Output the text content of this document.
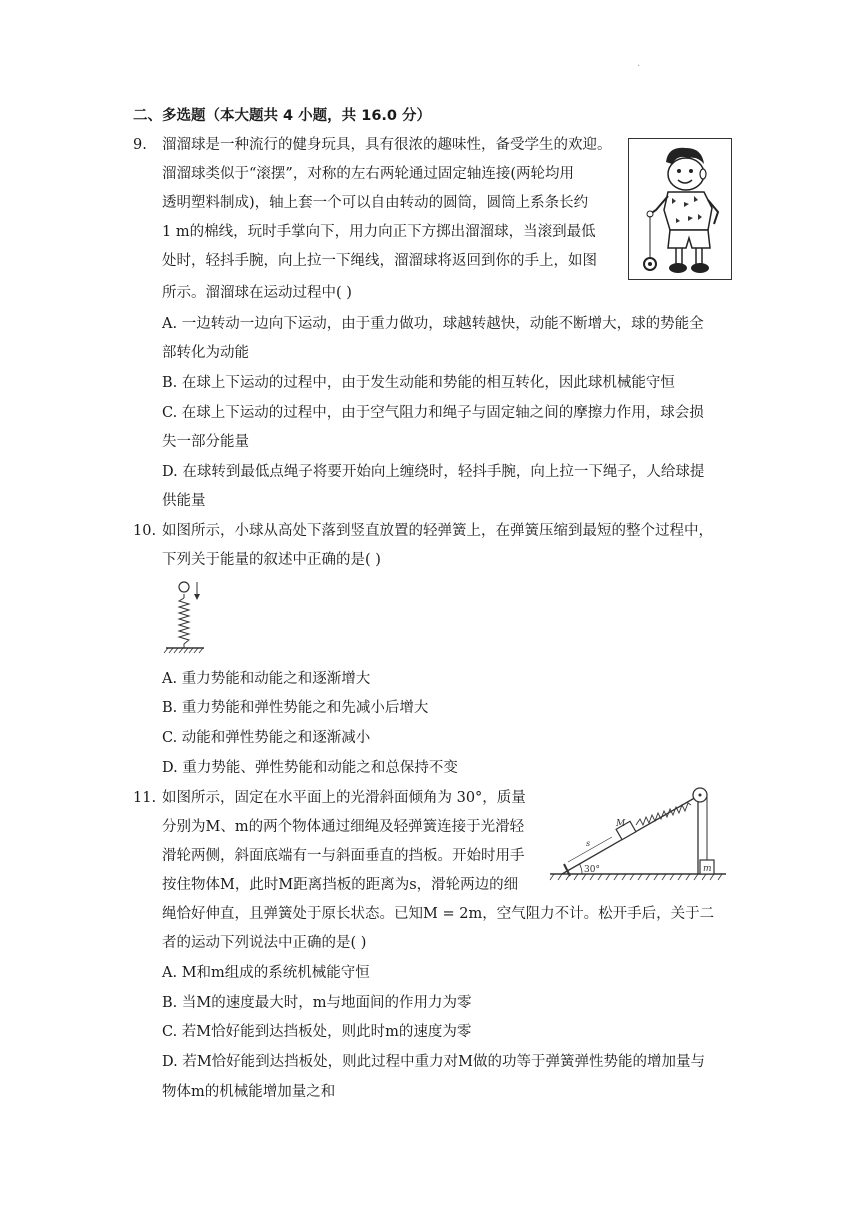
.
二、多选题（本大题共 4 小题，共 16.0 分）
9. 溜溜球是一种流行的健身玩具，具有很浓的趣味性，备受学生的欢迎。
溜溜球类似于“滚摆”，对称的左右两轮通过固定轴连接(两轮均用
透明塑料制成)，轴上套一个可以自由转动的圆筒，圆筒上系条长约
1 m的棉线，玩时手掌向下，用力向正下方掷出溜溜球，当滚到最低
处时，轻抖手腕，向上拉一下绳线，溜溜球将返回到你的手上，如图
所示。溜溜球在运动过程中( )
A. 一边转动一边向下运动，由于重力做功，球越转越快，动能不断增大，球的势能全
部转化为动能
B. 在球上下运动的过程中，由于发生动能和势能的相互转化，因此球机械能守恒
C. 在球上下运动的过程中，由于空气阻力和绳子与固定轴之间的摩擦力作用，球会损
失一部分能量
D. 在球转到最低点绳子将要开始向上缠绕时，轻抖手腕，向上拉一下绳子，人给球提
供能量
10. 如图所示，小球从高处下落到竖直放置的轻弹簧上，在弹簧压缩到最短的整个过程中，
下列关于能量的叙述中正确的是( )
A. 重力势能和动能之和逐渐增大
B. 重力势能和弹性势能之和先减小后增大
C. 动能和弹性势能之和逐渐减小
D. 重力势能、弹性势能和动能之和总保持不变
11. 如图所示，固定在水平面上的光滑斜面倾角为 30°，质量
分别为M、m的两个物体通过细绳及轻弹簧连接于光滑轻
滑轮两侧，斜面底端有一与斜面垂直的挡板。开始时用手
按住物体M，此时M距离挡板的距离为s，滑轮两边的细
绳恰好伸直，且弹簧处于原长状态。已知M = 2m，空气阻力不计。松开手后，关于二
者的运动下列说法中正确的是( )
30°
s
M
m
A. M和m组成的系统机械能守恒
B. 当M的速度最大时，m与地面间的作用力为零
C. 若M恰好能到达挡板处，则此时m的速度为零
D. 若M恰好能到达挡板处，则此过程中重力对M做的功等于弹簧弹性势能的增加量与
物体m的机械能增加量之和
